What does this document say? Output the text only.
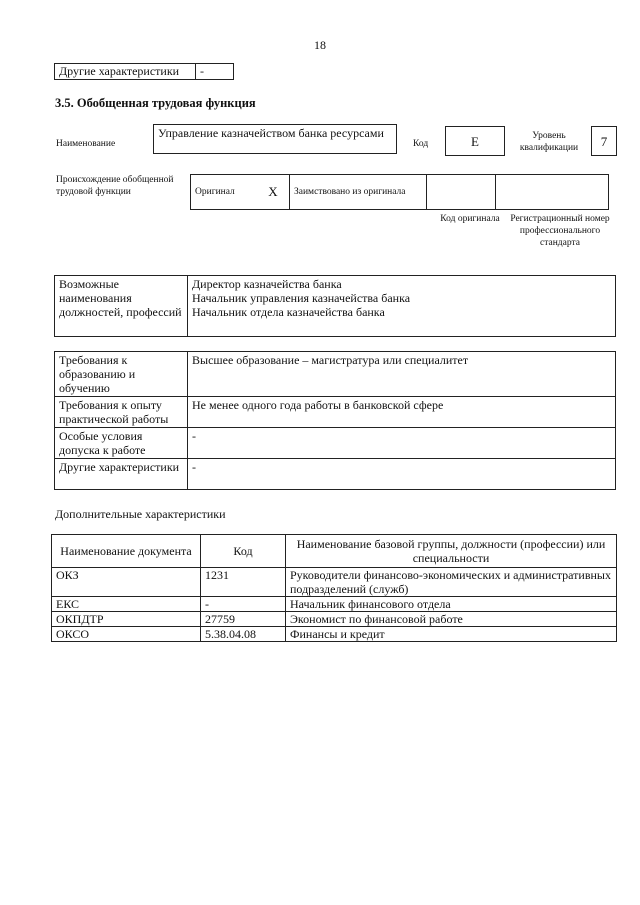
18
Другие характеристики	-
3.5. Обобщенная трудовая функция
Наименование
Управление казначейством банка ресурсами
Код	E	Уровень квалификации	7
Происхождение обобщенной трудовой функции	Оригинал	X	Заимствовано из оригинала		
Код оригинала Регистрационный номер профессионального стандарта
Возможные наименования должностей, профессий	
Директор казначейства банка
Начальник управления казначейства банка
Начальник отдела казначейства банка
Требования к образованию и обучению	Высшее образование – магистратура или специалитет
Требования к опыту практической работы	Не менее одного года работы в банковской сфере
Особые условия допуска к работе	-
Другие характеристики	-
Дополнительные характеристики
Наименование документа	Код	Наименование базовой группы, должности (профессии) или специальности
ОКЗ	1231	Руководители финансово-экономических и административных подразделений (служб)
ЕКС	-	Начальник финансового отдела
ОКПДТР	27759	Экономист по финансовой работе
ОКСО	5.38.04.08	Финансы и кредит
